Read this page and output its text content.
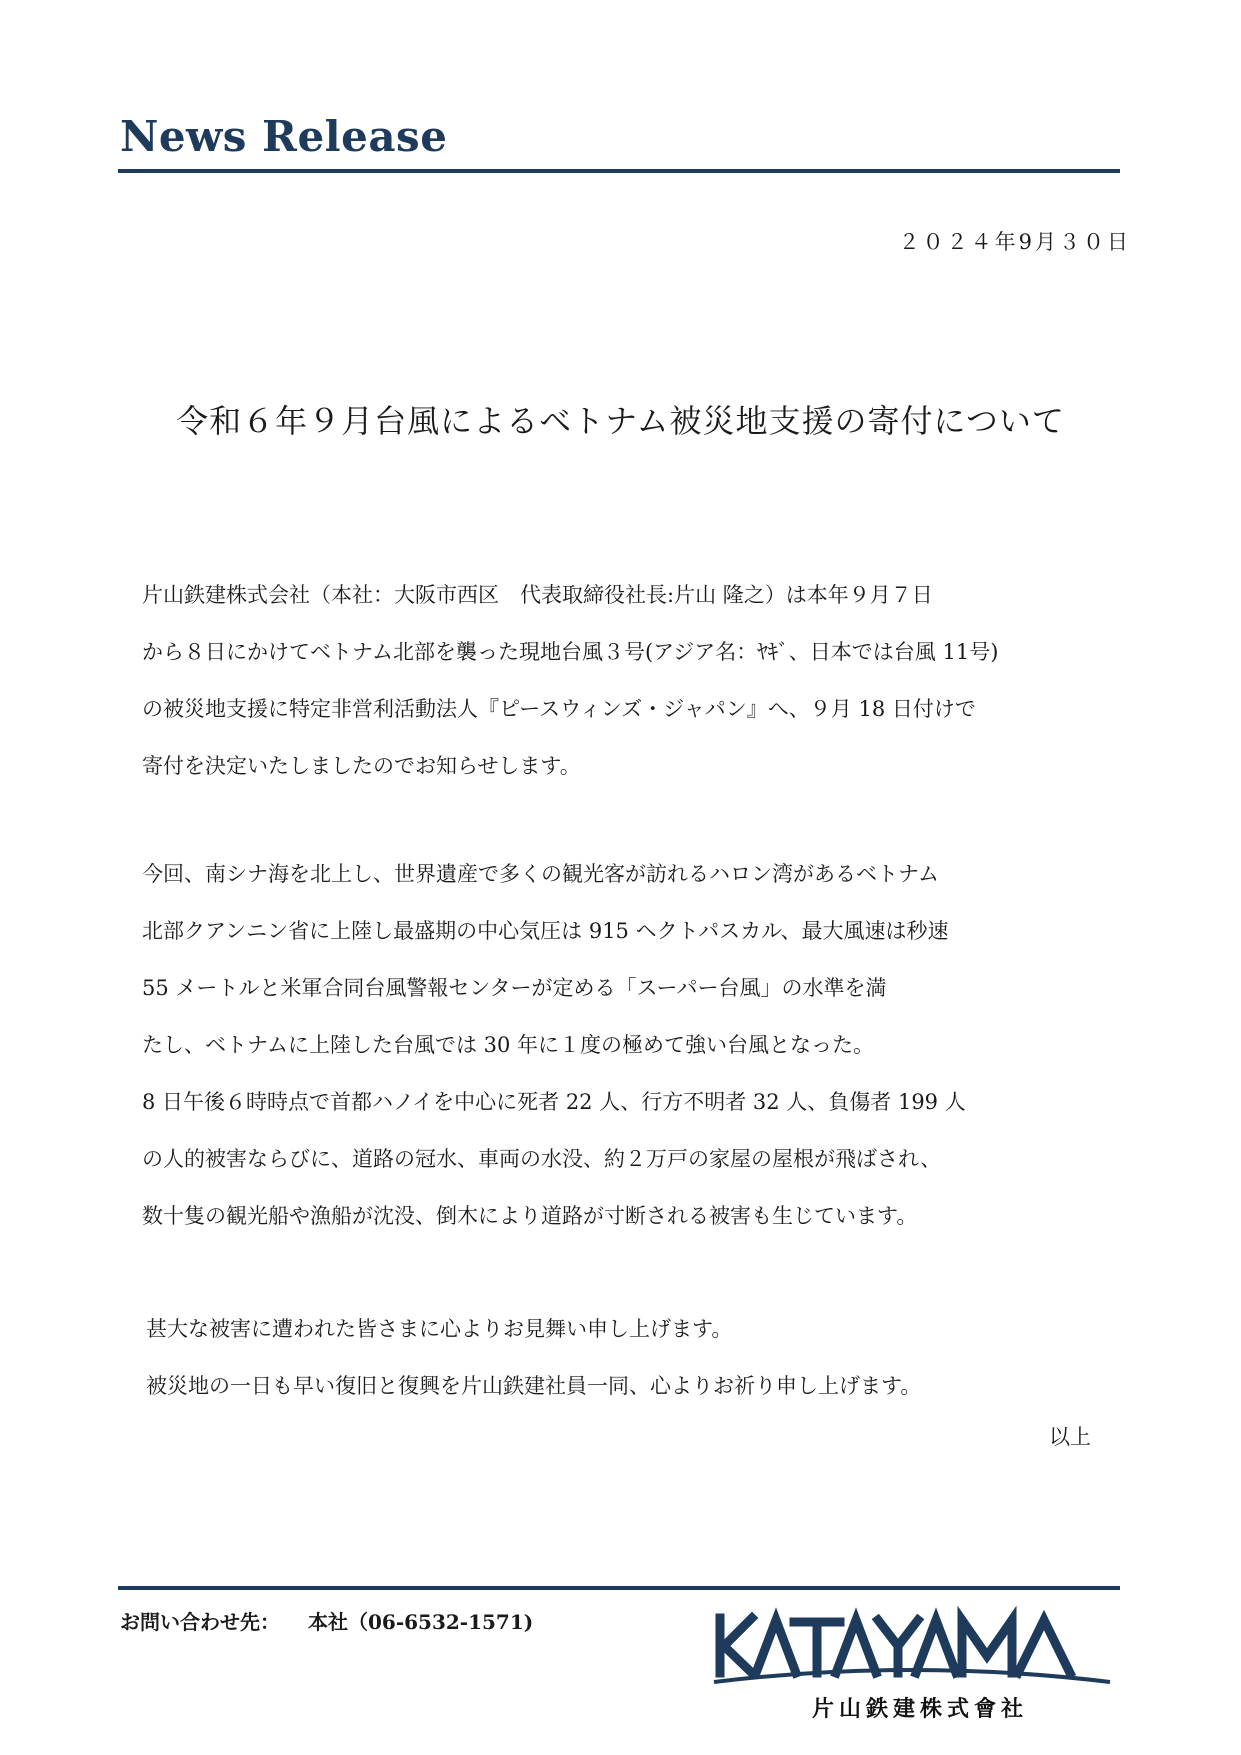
News Release
２０２４年9月３０日
令和６年９月台風によるベトナム被災地支援の寄付について
片山鉄建株式会社（本社：大阪市西区　代表取締役社長:片山 隆之）は本年９月７日
から８日にかけてベトナム北部を襲った現地台風３号(アジア名：ﾔｷﾞ、日本では台風 11号)
の被災地支援に特定非営利活動法人『ピースウィンズ・ジャパン』へ、９月 18 日付けで
寄付を決定いたしましたのでお知らせします。
今回、南シナ海を北上し、世界遺産で多くの観光客が訪れるハロン湾があるベトナム
北部クアンニン省に上陸し最盛期の中心気圧は 915 ヘクトパスカル、最大風速は秒速
55 メートルと米軍合同台風警報センターが定める「スーパー台風」の水準を満
たし、ベトナムに上陸した台風では 30 年に１度の極めて強い台風となった。
8 日午後６時時点で首都ハノイを中心に死者 22 人、行方不明者 32 人、負傷者 199 人
の人的被害ならびに、道路の冠水、車両の水没、約２万戸の家屋の屋根が飛ばされ、
数十隻の観光船や漁船が沈没、倒木により道路が寸断される被害も生じています。
甚大な被害に遭われた皆さまに心よりお見舞い申し上げます。
被災地の一日も早い復旧と復興を片山鉄建社員一同、心よりお祈り申し上げます。
以上
お問い合わせ先： 本社（06-6532-1571)
KATAYAMA
片山鉄建株式會社
